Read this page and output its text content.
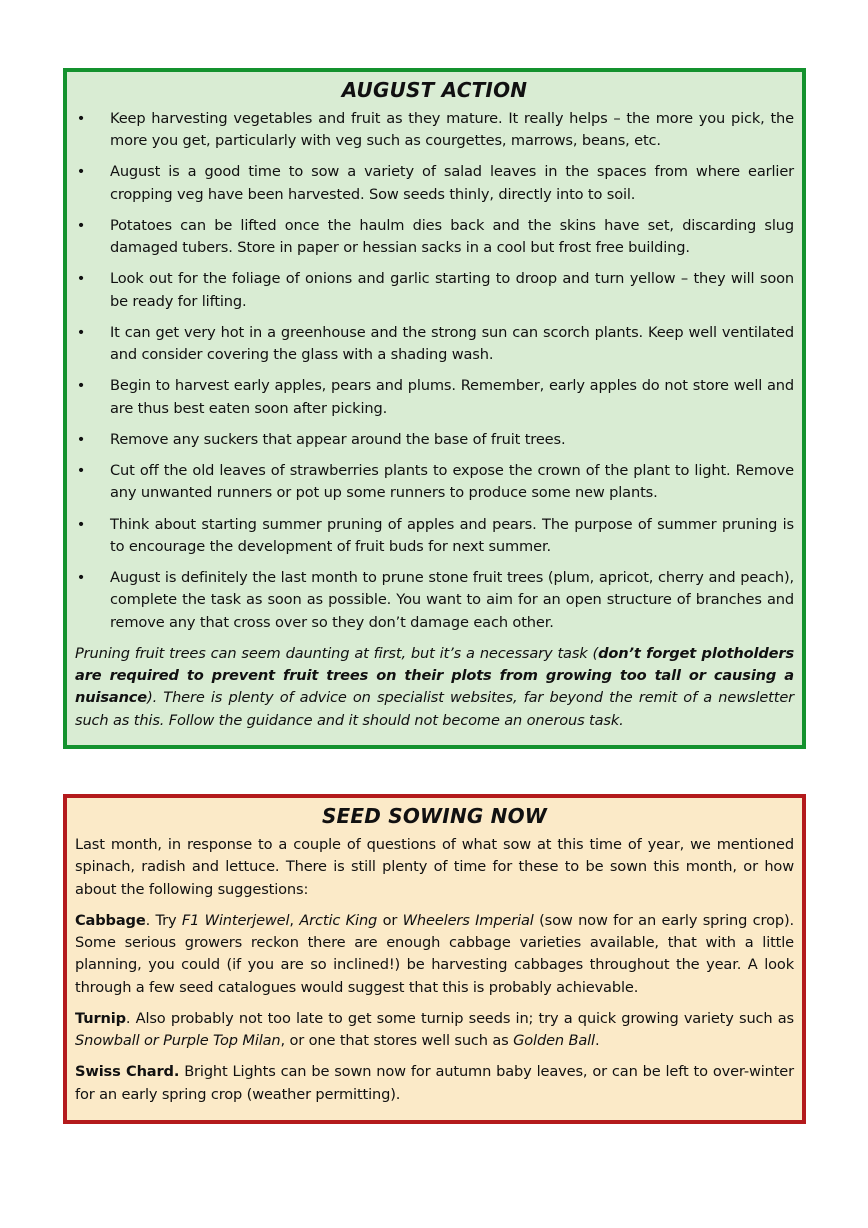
AUGUST ACTION
• Keep harvesting vegetables and fruit as they mature. It really helps – the more you pick, the more you get, particularly with veg such as courgettes, marrows, beans, etc.
• August is a good time to sow a variety of salad leaves in the spaces from where earlier cropping veg have been harvested. Sow seeds thinly, directly into to soil.
• Potatoes can be lifted once the haulm dies back and the skins have set, discarding slug damaged tubers. Store in paper or hessian sacks in a cool but frost free building.
• Look out for the foliage of onions and garlic starting to droop and turn yellow – they will soon be ready for lifting.
• It can get very hot in a greenhouse and the strong sun can scorch plants. Keep well ventilated and consider covering the glass with a shading wash.
• Begin to harvest early apples, pears and plums. Remember, early apples do not store well and are thus best eaten soon after picking.
• Remove any suckers that appear around the base of fruit trees.
• Cut off the old leaves of strawberries plants to expose the crown of the plant to light. Remove any unwanted runners or pot up some runners to produce some new plants.
• Think about starting summer pruning of apples and pears. The purpose of summer pruning is to encourage the development of fruit buds for next summer.
• August is definitely the last month to prune stone fruit trees (plum, apricot, cherry and peach), complete the task as soon as possible. You want to aim for an open structure of branches and remove any that cross over so they don’t damage each other.

Pruning fruit trees can seem daunting at first, but it’s a necessary task (don’t forget plotholders are required to prevent fruit trees on their plots from growing too tall or causing a nuisance). There is plenty of advice on specialist websites, far beyond the remit of a newsletter such as this. Follow the guidance and it should not become an onerous task.

SEED SOWING NOW

Last month, in response to a couple of questions of what sow at this time of year, we mentioned spinach, radish and lettuce. There is still plenty of time for these to be sown this month, or how about the following suggestions:

Cabbage. Try F1 Winterjewel, Arctic King or Wheelers Imperial (sow now for an early spring crop). Some serious growers reckon there are enough cabbage varieties available, that with a little planning, you could (if you are so inclined!) be harvesting cabbages throughout the year. A look through a few seed catalogues would suggest that this is probably achievable.

Turnip. Also probably not too late to get some turnip seeds in; try a quick growing variety such as Snowball or Purple Top Milan, or one that stores well such as Golden Ball.

Swiss Chard. Bright Lights can be sown now for autumn baby leaves, or can be left to over-winter for an early spring crop (weather permitting).
